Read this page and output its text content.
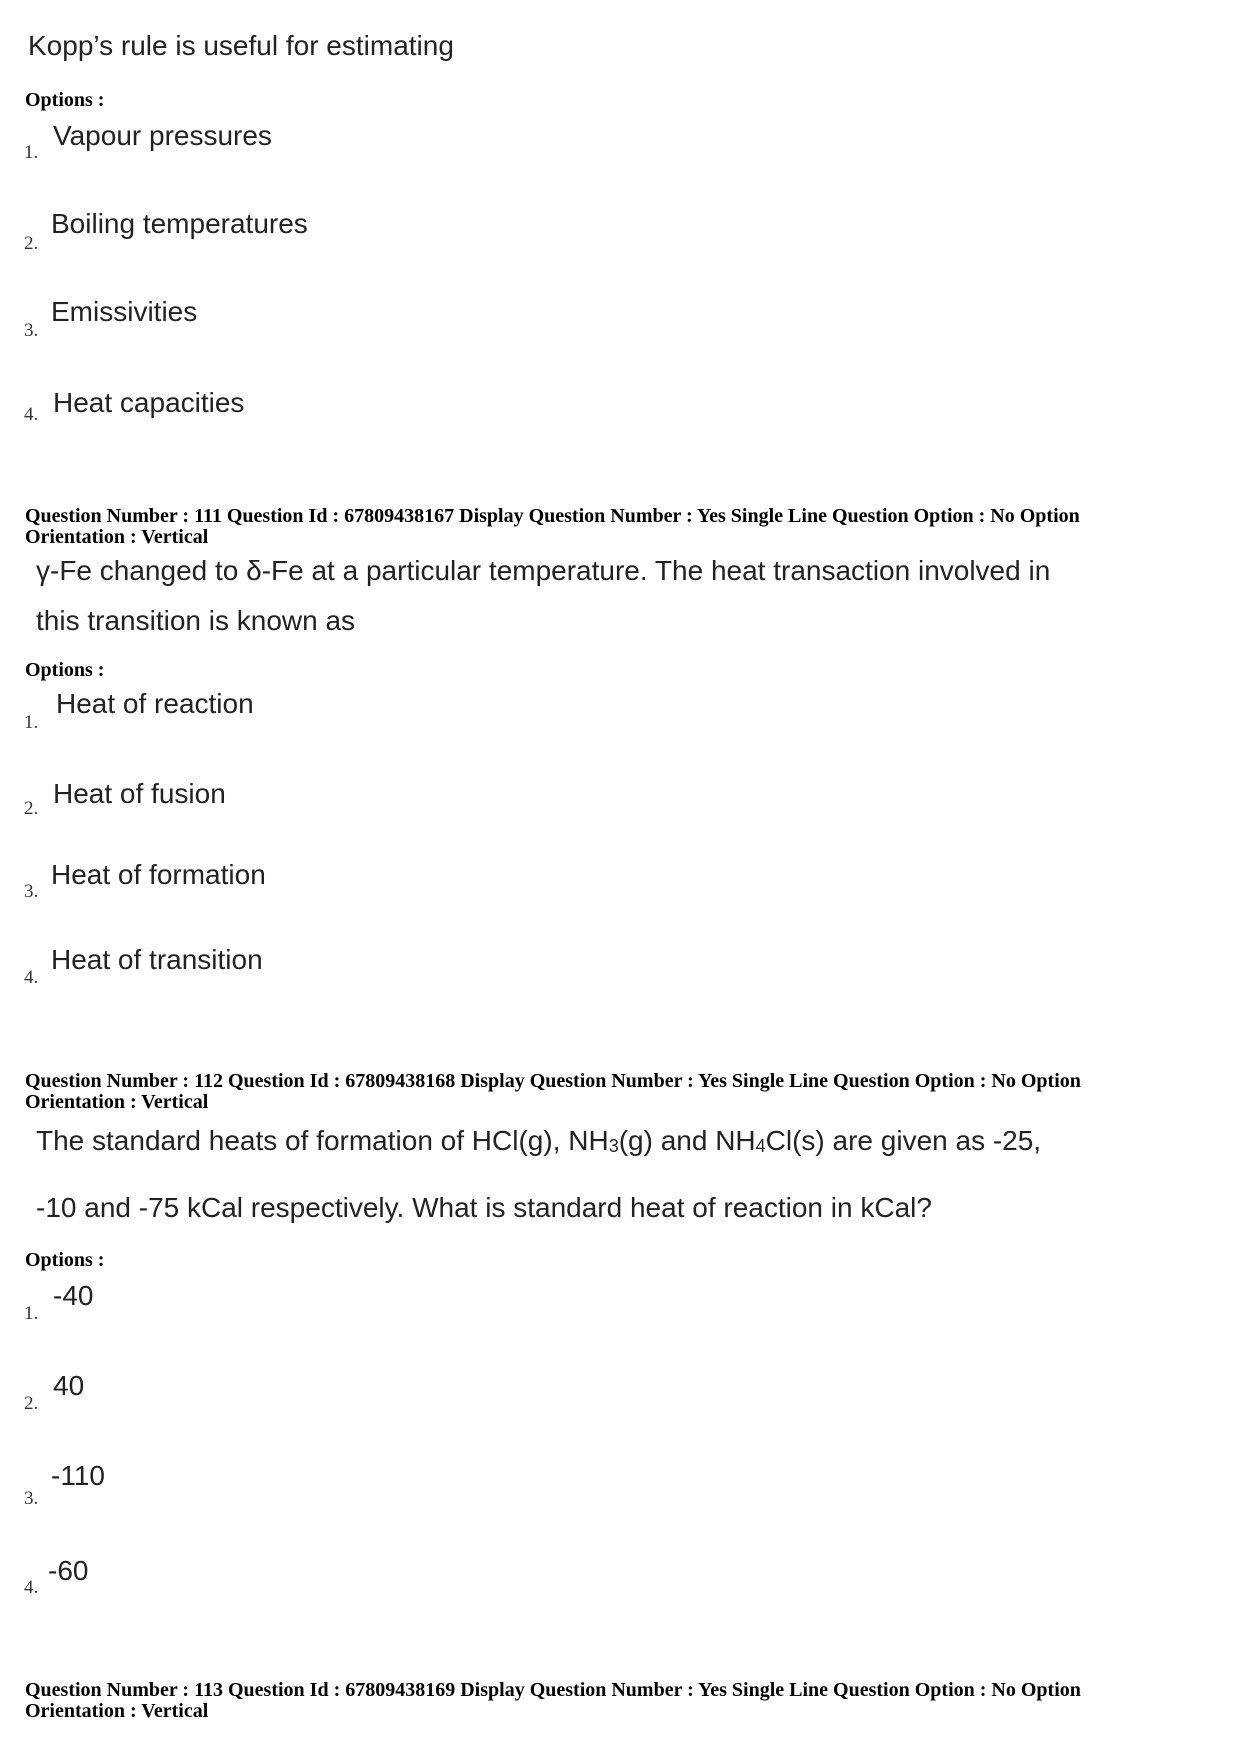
Kopp’s rule is useful for estimating
Options :
1.
Vapour pressures
2.
Boiling temperatures
3.
Emissivities
4. Heat capacities
Question Number : 111 Question Id : 67809438167 Display Question Number : Yes Single Line Question Option : No Option
Orientation : Vertical
γ-Fe changed to δ-Fe at a particular temperature. The heat transaction involved in
this transition is known as
Options :
1.
Heat of reaction
2. Heat of fusion
3.
Heat of formation
4.
Heat of transition
Question Number : 112 Question Id : 67809438168 Display Question Number : Yes Single Line Question Option : No Option
Orientation : Vertical
The standard heats of formation of HCl(g), $NH_3(g)$ and $NH_4Cl(s)$ are given as -25,
-10 and -75 kCal respectively. What is standard heat of reaction in kCal?
Options :
1.
-40
2.
40
3.
-110
4.
-60
Question Number : 113 Question Id : 67809438169 Display Question Number : Yes Single Line Question Option : No Option
Orientation : Vertical
